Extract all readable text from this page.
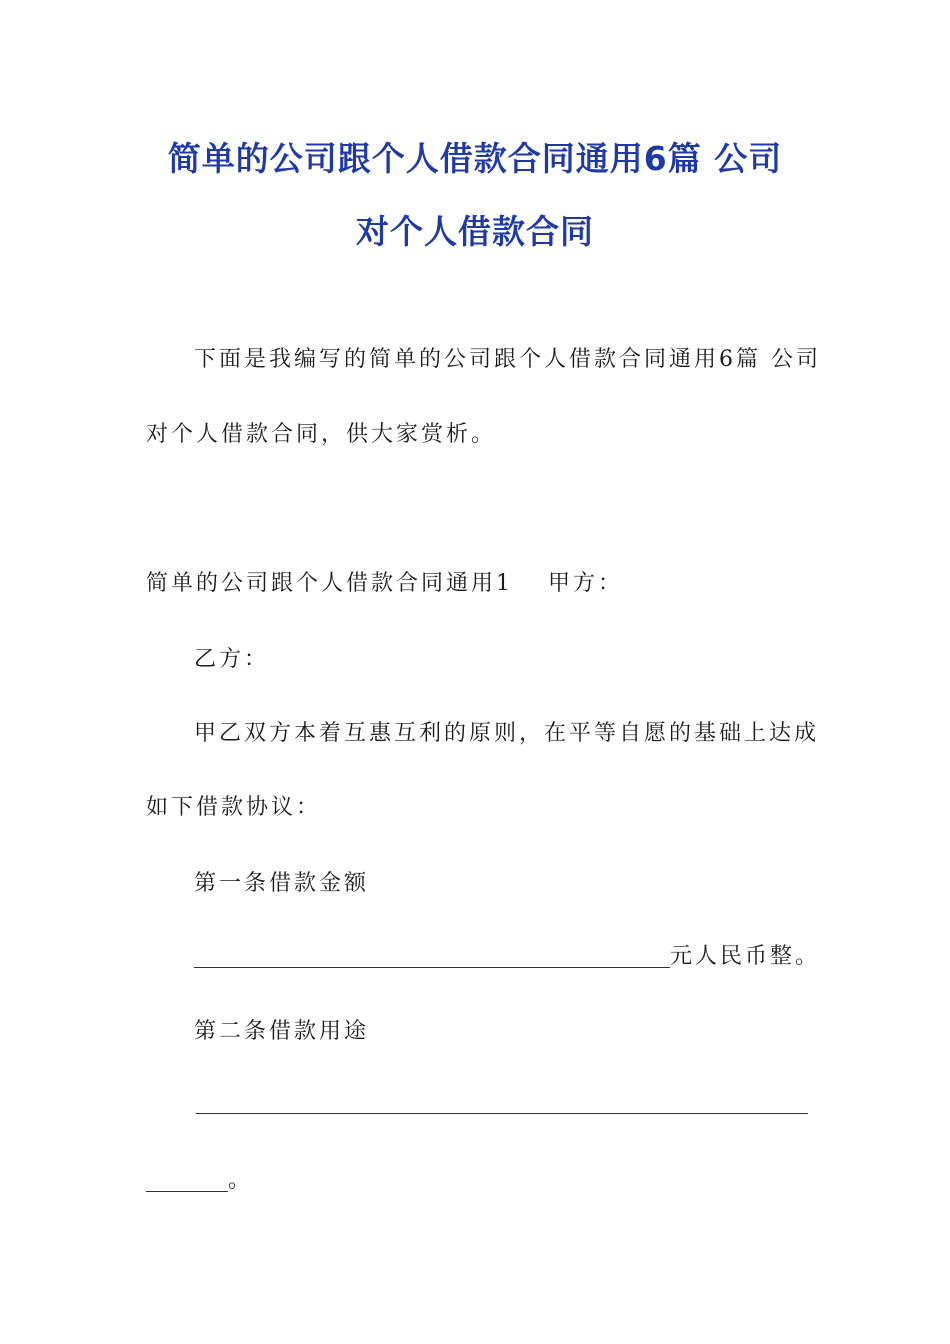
简单的公司跟个人借款合同通用6篇 公司
对个人借款合同
下面是我编写的简单的公司跟个人借款合同通用6篇 公司
对个人借款合同，供大家赏析。
简单的公司跟个人借款合同通用1 甲方：
乙方：
甲乙双方本着互惠互利的原则，在平等自愿的基础上达成
如下借款协议：
第一条借款金额
元人民币整。
第二条借款用途
。
